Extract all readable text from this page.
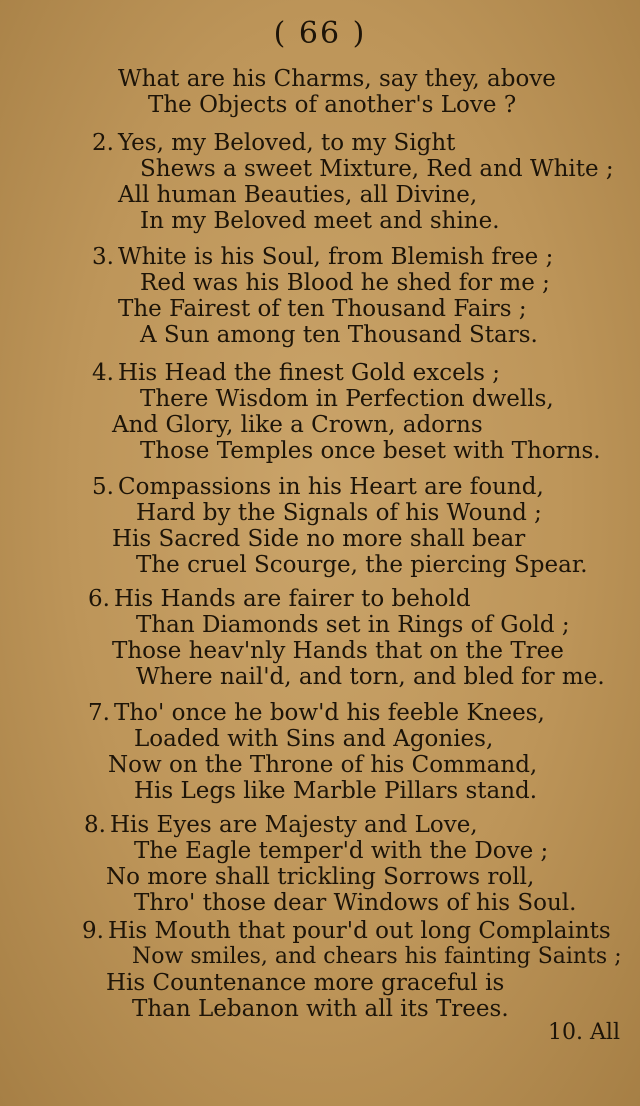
( 66 )
What are his Charms, say they, above
The Objects of another's Love ?
2. Yes, my Beloved, to my Sight
Shews a sweet Mixture, Red and White ;
All human Beauties, all Divine,
In my Beloved meet and shine.
3. White is his Soul, from Blemish free ;
Red was his Blood he shed for me ;
The Fairest of ten Thousand Fairs ;
A Sun among ten Thousand Stars.
4. His Head the finest Gold excels ;
There Wisdom in Perfection dwells,
And Glory, like a Crown, adorns
Those Temples once beset with Thorns.
5. Compassions in his Heart are found,
Hard by the Signals of his Wound ;
His Sacred Side no more shall bear
The cruel Scourge, the piercing Spear.
6. His Hands are fairer to behold
Than Diamonds set in Rings of Gold ;
Those heav'nly Hands that on the Tree
Where nail'd, and torn, and bled for me.
7. Tho' once he bow'd his feeble Knees,
Loaded with Sins and Agonies,
Now on the Throne of his Command,
His Legs like Marble Pillars stand.
8. His Eyes are Majesty and Love,
The Eagle temper'd with the Dove ;
No more shall trickling Sorrows roll,
Thro' those dear Windows of his Soul.
9. His Mouth that pour'd out long Complaints
Now smiles, and chears his fainting Saints ;
His Countenance more graceful is
Than Lebanon with all its Trees.
10. All
